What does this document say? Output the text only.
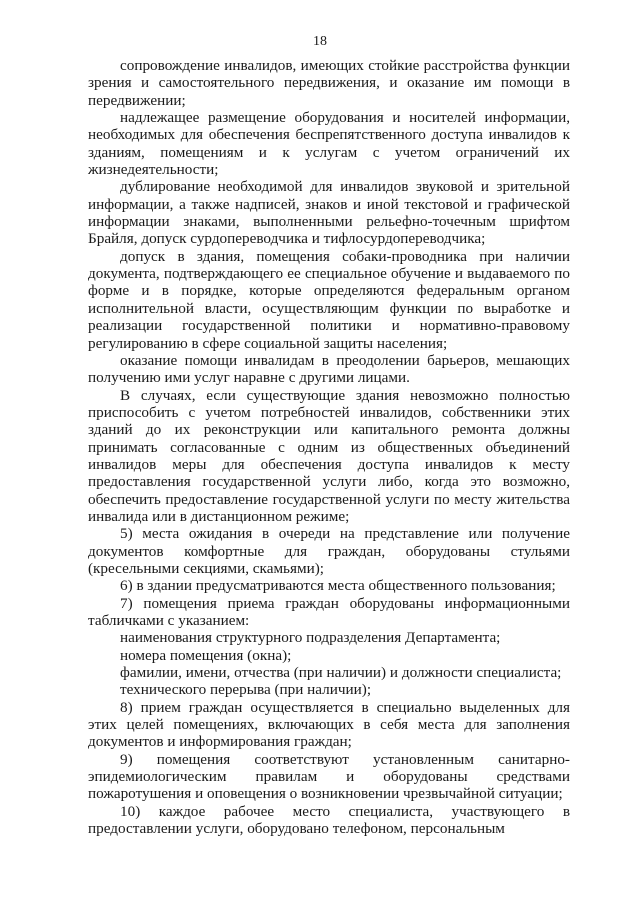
18

сопровождение инвалидов, имеющих стойкие расстройства функции зрения и самостоятельного передвижения, и оказание им помощи в передвижении;

надлежащее размещение оборудования и носителей информации, необходимых для обеспечения беспрепятственного доступа инвалидов к зданиям, помещениям и к услугам с учетом ограничений их жизнедеятельности;

дублирование необходимой для инвалидов звуковой и зрительной информации, а также надписей, знаков и иной текстовой и графической информации знаками, выполненными рельефно-точечным шрифтом Брайля, допуск сурдопереводчика и тифлосурдопереводчика;

допуск в здания, помещения собаки-проводника при наличии документа, подтверждающего ее специальное обучение и выдаваемого по форме и в порядке, которые определяются федеральным органом исполнительной власти, осуществляющим функции по выработке и реализации государственной политики и нормативно-правовому регулированию в сфере социальной защиты населения;

оказание помощи инвалидам в преодолении барьеров, мешающих получению ими услуг наравне с другими лицами.

В случаях, если существующие здания невозможно полностью приспособить с учетом потребностей инвалидов, собственники этих зданий до их реконструкции или капитального ремонта должны принимать согласованные с одним из общественных объединений инвалидов меры для обеспечения доступа инвалидов к месту предоставления государственной услуги либо, когда это возможно, обеспечить предоставление государственной услуги по месту жительства инвалида или в дистанционном режиме;

5) места ожидания в очереди на представление или получение документов комфортные для граждан, оборудованы стульями (кресельными секциями, скамьями);

6) в здании предусматриваются места общественного пользования;

7) помещения приема граждан оборудованы информационными табличками с указанием:

наименования структурного подразделения Департамента;

номера помещения (окна);

фамилии, имени, отчества (при наличии) и должности специалиста;

технического перерыва (при наличии);

8) прием граждан осуществляется в специально выделенных для этих целей помещениях, включающих в себя места для заполнения документов и информирования граждан;

9) помещения соответствуют установленным санитарно-эпидемиологическим правилам и оборудованы средствами пожаротушения и оповещения о возникновении чрезвычайной ситуации;

10) каждое рабочее место специалиста, участвующего в предоставлении услуги, оборудовано телефоном, персональным
